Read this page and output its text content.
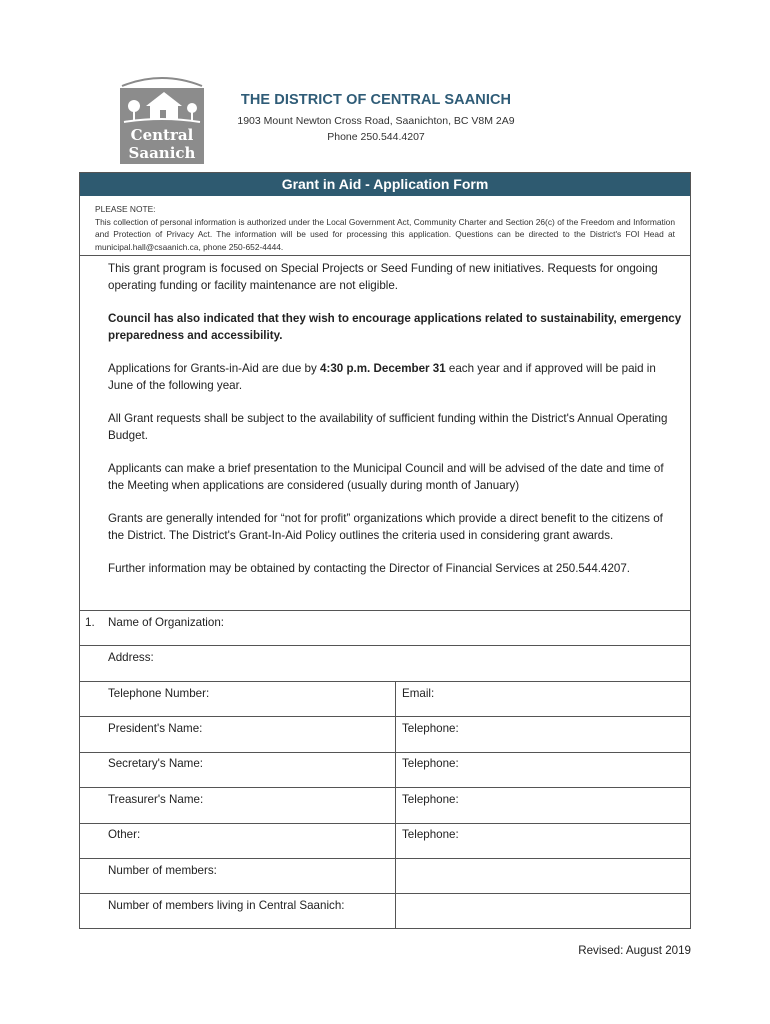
Central
Saanich
THE DISTRICT OF CENTRAL SAANICH
1903 Mount Newton Cross Road, Saanichton, BC V8M 2A9
Phone 250.544.4207
Grant in Aid - Application Form
PLEASE NOTE:
This collection of personal information is authorized under the Local Government Act, Community Charter and Section 26(c) of the Freedom and Information and Protection of Privacy Act. The information will be used for processing this application. Questions can be directed to the District's FOI Head at municipal.hall@csaanich.ca, phone 250-652-4444.

This grant program is focused on Special Projects or Seed Funding of new initiatives. Requests for ongoing operating funding or facility maintenance are not eligible.

Council has also indicated that they wish to encourage applications related to sustainability, emergency preparedness and accessibility.

Applications for Grants-in-Aid are due by 4:30 p.m. December 31 each year and if approved will be paid in June of the following year.

All Grant requests shall be subject to the availability of sufficient funding within the District's Annual Operating Budget.

Applicants can make a brief presentation to the Municipal Council and will be advised of the date and time of the Meeting when applications are considered (usually during month of January)

Grants are generally intended for “not for profit” organizations which provide a direct benefit to the citizens of the District. The District's Grant-In-Aid Policy outlines the criteria used in considering grant awards.

Further information may be obtained by contacting the Director of Financial Services at 250.544.4207.

1. Name of Organization:
Address:
Telephone Number:	Email:
President's Name:	Telephone:
Secretary's Name:	Telephone:
Treasurer's Name:	Telephone:
Other:	Telephone:
Number of members:
Number of members living in Central Saanich:
Revised: August 2019
